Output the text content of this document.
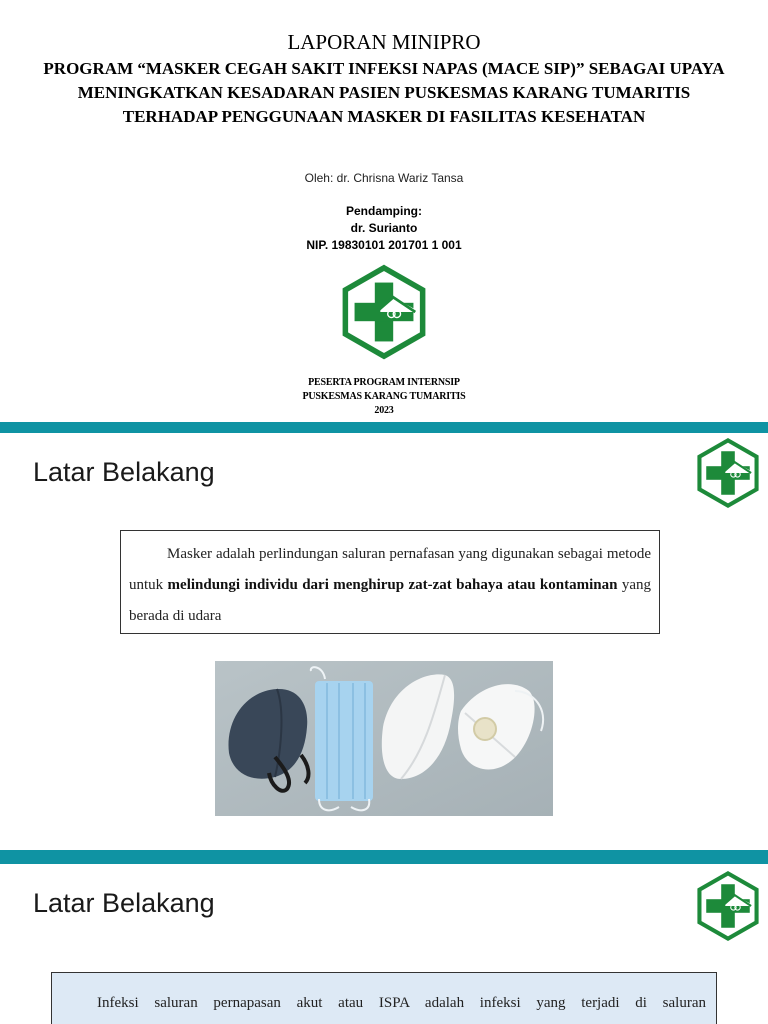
LAPORAN MINIPRO
PROGRAM “MASKER CEGAH SAKIT INFEKSI NAPAS (MACE SIP)” SEBAGAI UPAYA MENINGKATKAN KESADARAN PASIEN PUSKESMAS KARANG TUMARITIS TERHADAP PENGGUNAAN MASKER DI FASILITAS KESEHATAN
Oleh: dr. Chrisna Wariz Tansa
Pendamping:
dr. Surianto
NIP. 19830101 201701 1 001
PESERTA PROGRAM INTERNSIP
PUSKESMAS KARANG TUMARITIS
2023
Latar Belakang

Masker adalah perlindungan saluran pernafasan yang digunakan sebagai metode untuk melindungi individu dari menghirup zat-zat bahaya atau kontaminan yang berada di udara

Latar Belakang

Infeksi saluran pernapasan akut atau ISPA adalah infeksi yang terjadi di saluran
